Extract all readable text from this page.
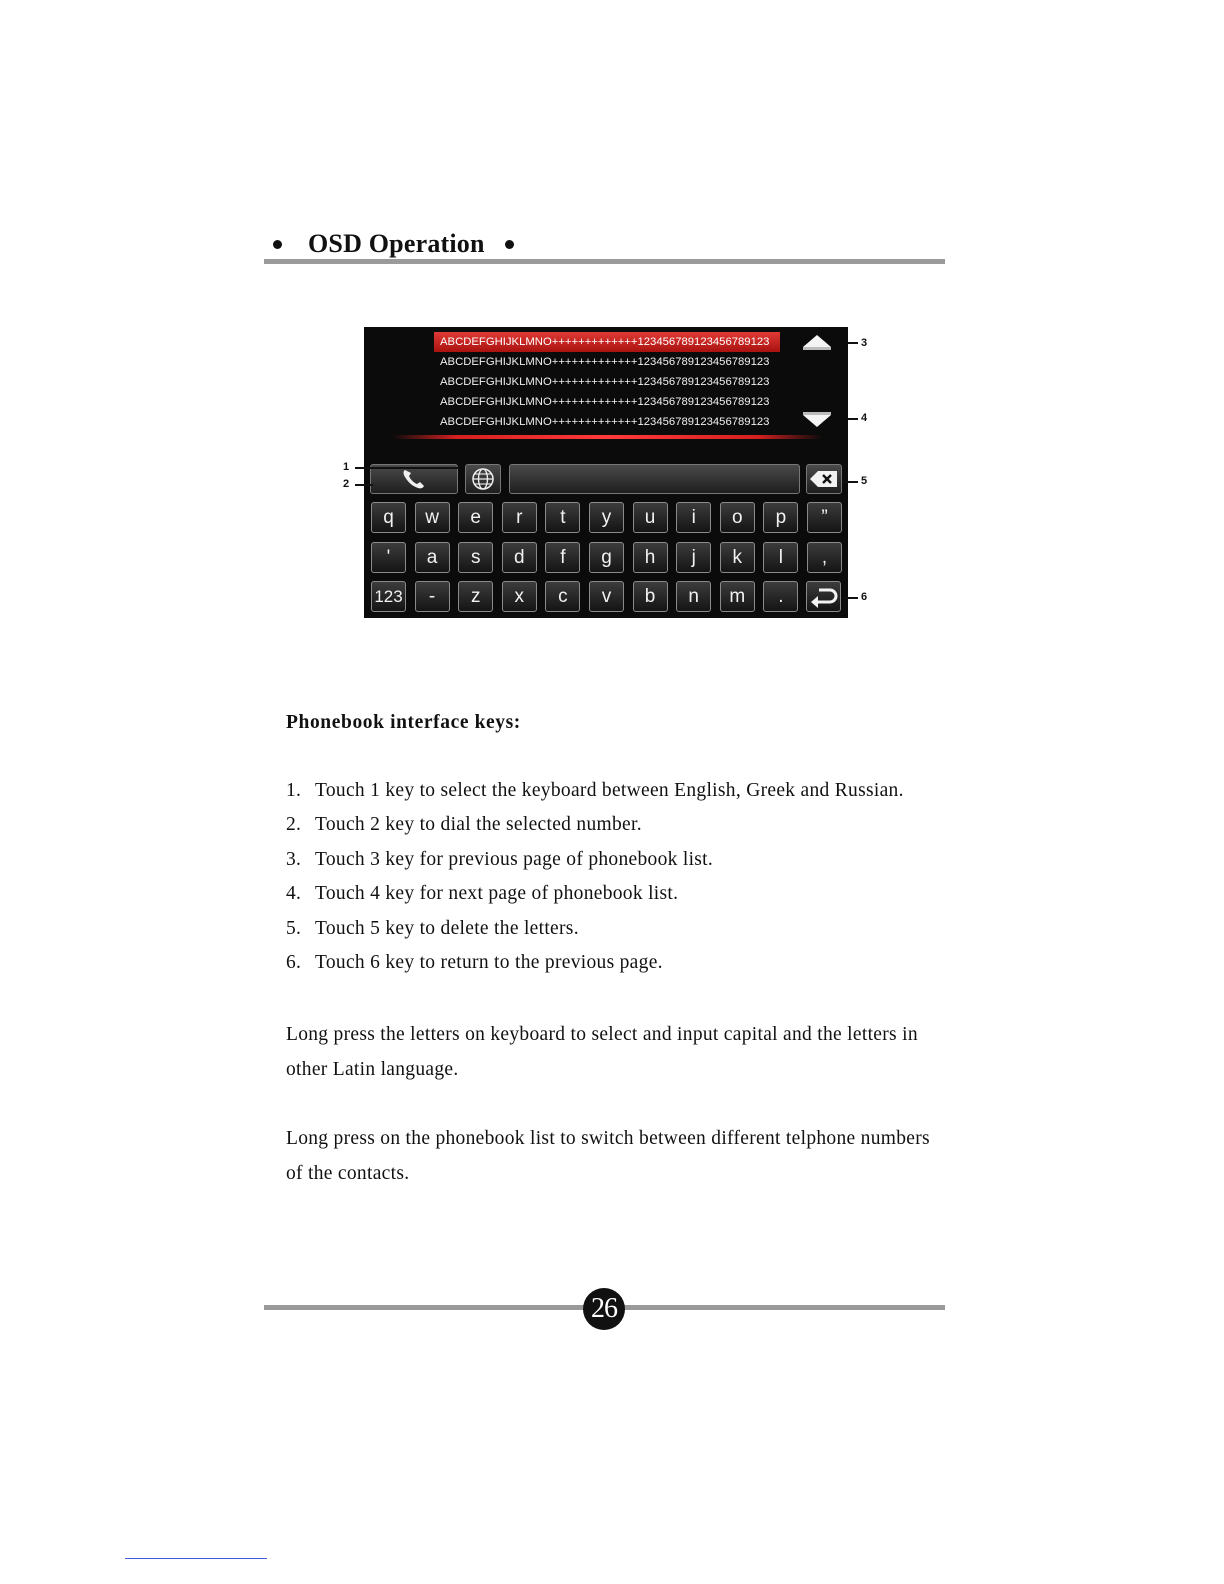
OSD Operation
ABCDEFGHIJKLMNO+++++++++++++1234567891234567891​23
ABCDEFGHIJKLMNO+++++++++++++123456789123456789123
ABCDEFGHIJKLMNO+++++++++++++123456789123456789123
ABCDEFGHIJKLMNO+++++++++++++123456789123456789123
ABCDEFGHIJKLMNO+++++++++++++123456789123456789123
q	w	e	r	t	y	u	i	o	p	”
'	a	s	d	f	g	h	j	k	l	,
123	-	z	x	c	v	b	n	m	.
1
2
3
4
5
6
Phonebook interface keys:
1. Touch 1 key to select the keyboard between English, Greek and Russian.
2. Touch 2 key to dial the selected number.
3. Touch 3 key for previous page of phonebook list.
4. Touch 4 key for next page of phonebook list.
5. Touch 5 key to delete the letters.
6. Touch 6 key to return to the previous page.

Long press the letters on keyboard to select and input capital and the letters in other Latin language.

Long press on the phonebook list to switch between different telphone numbers of the contacts.

26
